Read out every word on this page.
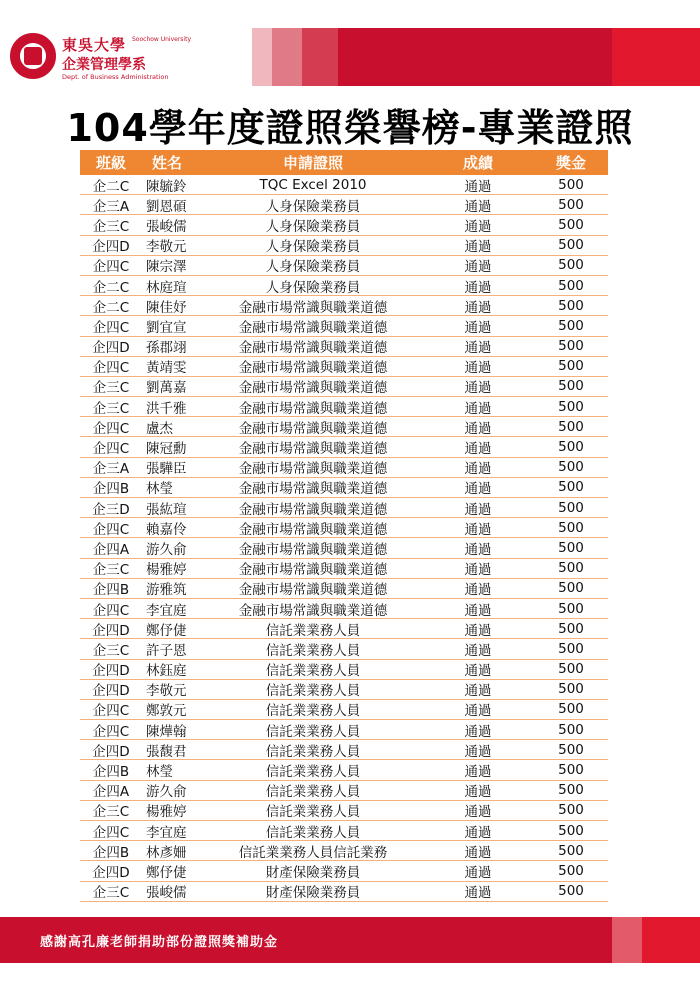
東吳大學 Soochow University
企業管理學系
Dept. of Business Administration
104學年度證照榮譽榜-專業證照
班級	姓名	申請證照	成績	獎金
企二C	陳毓鈴	TQC Excel 2010	通過	500
企三A	劉恩碩	人身保險業務員	通過	500
企三C	張峻儒	人身保險業務員	通過	500
企四D	李敬元	人身保險業務員	通過	500
企四C	陳宗澤	人身保險業務員	通過	500
企二C	林庭瑄	人身保險業務員	通過	500
企二C	陳佳妤	金融市場常識與職業道德	通過	500
企四C	劉宜宣	金融市場常識與職業道德	通過	500
企四D	孫郡翊	金融市場常識與職業道德	通過	500
企四C	黃靖雯	金融市場常識與職業道德	通過	500
企三C	劉萬嘉	金融市場常識與職業道德	通過	500
企三C	洪千雅	金融市場常識與職業道德	通過	500
企四C	盧杰	金融市場常識與職業道德	通過	500
企四C	陳冠勳	金融市場常識與職業道德	通過	500
企三A	張驊臣	金融市場常識與職業道德	通過	500
企四B	林瑩	金融市場常識與職業道德	通過	500
企三D	張紘瑄	金融市場常識與職業道德	通過	500
企四C	賴嘉伶	金融市場常識與職業道德	通過	500
企四A	游久俞	金融市場常識與職業道德	通過	500
企三C	楊雅婷	金融市場常識與職業道德	通過	500
企四B	游雅筑	金融市場常識與職業道德	通過	500
企四C	李宜庭	金融市場常識與職業道德	通過	500
企四D	鄭伃倢	信託業業務人員	通過	500
企三C	許子恩	信託業業務人員	通過	500
企四D	林鈺庭	信託業業務人員	通過	500
企四D	李敬元	信託業業務人員	通過	500
企四C	鄭敦元	信託業業務人員	通過	500
企四C	陳燁翰	信託業業務人員	通過	500
企四D	張馥君	信託業業務人員	通過	500
企四B	林瑩	信託業業務人員	通過	500
企四A	游久俞	信託業業務人員	通過	500
企三C	楊雅婷	信託業業務人員	通過	500
企四C	李宜庭	信託業業務人員	通過	500
企四B	林彥姍	信託業業務人員信託業務	通過	500
企四D	鄭伃倢	財產保險業務員	通過	500
企三C	張峻儒	財產保險業務員	通過	500
感謝高孔廉老師捐助部份證照獎補助金
